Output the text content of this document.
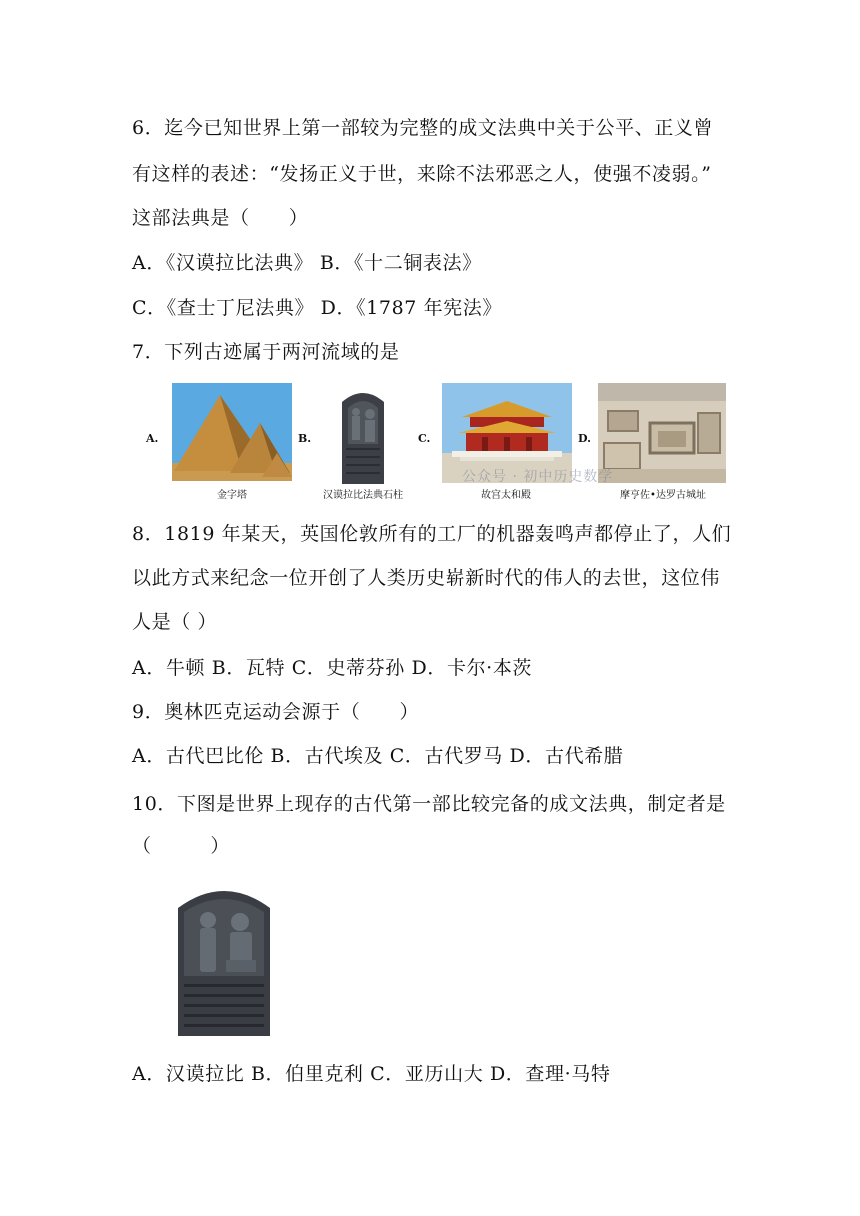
6．迄今已知世界上第一部较为完整的成文法典中关于公平、正义曾
有这样的表述：“发扬正义于世，来除不法邪恶之人，使强不凌弱。”
这部法典是（　　）
A．《汉谟拉比法典》 B．《十二铜表法》
C．《查士丁尼法典》 D．《1787 年宪法》
7．下列古迹属于两河流域的是
A.
金字塔
B.
汉谟拉比法典石柱
C.
故宫太和殿
D.
摩亨佐•达罗古城址
公众号 · 初中历史数学
8．1819 年某天，英国伦敦所有的工厂的机器轰鸣声都停止了，人们
以此方式来纪念一位开创了人类历史崭新时代的伟人的去世，这位伟
人是（ ）
A．牛顿 B．瓦特 C．史蒂芬孙 D．卡尔·本茨
9．奥林匹克运动会源于（　　）
A．古代巴比伦 B．古代埃及 C．古代罗马 D．古代希腊
10．下图是世界上现存的古代第一部比较完备的成文法典，制定者是
（　　　）
A．汉谟拉比 B．伯里克利 C．亚历山大 D．查理·马特
